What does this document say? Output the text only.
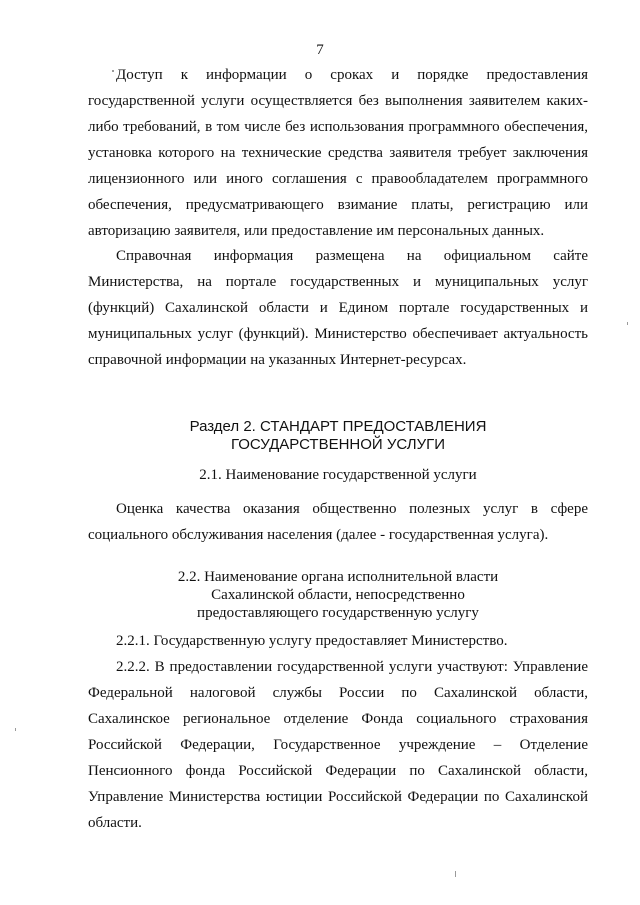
7
Доступ к информации о сроках и порядке предоставления
государственной услуги осуществляется без выполнения заявителем каких-
либо требований, в том числе без использования программного обеспечения,
установка которого на технические средства заявителя требует заключения
лицензионного или иного соглашения с правообладателем программного
обеспечения, предусматривающего взимание платы, регистрацию или
авторизацию заявителя, или предоставление им персональных данных.
Справочная информация размещена на официальном сайте
Министерства, на портале государственных и муниципальных услуг
(функций) Сахалинской области и Едином портале государственных и
муниципальных услуг (функций). Министерство обеспечивает актуальность
справочной информации на указанных Интернет-ресурсах.
Раздел 2. СТАНДАРТ ПРЕДОСТАВЛЕНИЯ
ГОСУДАРСТВЕННОЙ УСЛУГИ
2.1. Наименование государственной услуги
Оценка качества оказания общественно полезных услуг в сфере
социального обслуживания населения (далее - государственная услуга).
2.2. Наименование органа исполнительной власти
Сахалинской области, непосредственно
предоставляющего государственную услугу
2.2.1. Государственную услугу предоставляет Министерство.
2.2.2. В предоставлении государственной услуги участвуют: Управление
Федеральной налоговой службы России по Сахалинской области,
Сахалинское региональное отделение Фонда социального страхования
Российской Федерации, Государственное учреждение – Отделение
Пенсионного фонда Российской Федерации по Сахалинской области,
Управление Министерства юстиции Российской Федерации по Сахалинской
области.
